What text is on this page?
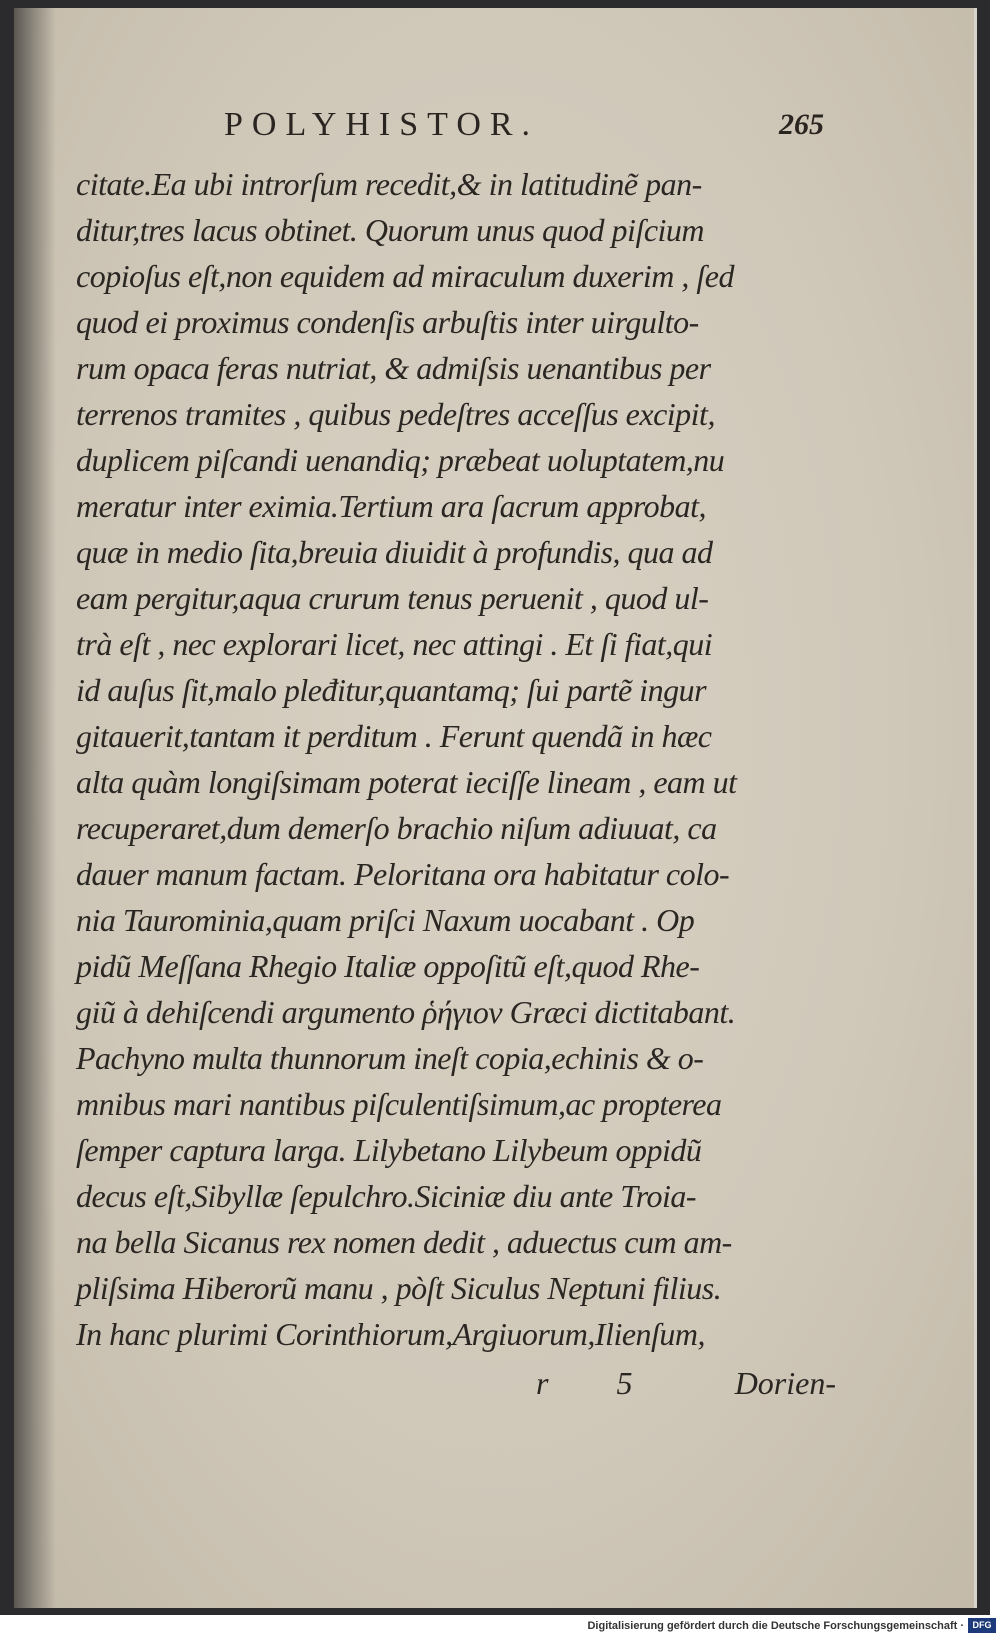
POLYHISTOR.	265
citate.Ea ubi introrſum recedit,& in latitudinẽ pan-
ditur,tres lacus obtinet. Quorum unus quod piſcium
copioſus eſt,non equidem ad miraculum duxerim , ſed
quod ei proximus condenſis arbuſtis inter uirgulto-
rum opaca feras nutriat, & admiſsis uenantibus per
terrenos tramites , quibus pedeſtres acceſſus excipit,
duplicem piſcandi uenandiq; præbeat uoluptatem,nu
meratur inter eximia.Tertium ara ſacrum approbat,
quæ in medio ſita,breuia diuidit à profundis, qua ad
eam pergitur,aqua crurum tenus peruenit , quod ul-
trà eſt , nec explorari licet, nec attingi . Et ſi fiat,qui
id auſus ſit,malo pleđitur,quantamq; ſui partẽ ingur
gitauerit,tantam it perditum . Ferunt quendã in hæc
alta quàm longiſsimam poterat ieciſſe lineam , eam ut
recuperaret,dum demerſo brachio niſum adiuuat, ca
dauer manum factam. Peloritana ora habitatur colo-
nia Taurominia,quam priſci Naxum uocabant . Op
pidũ Meſſana Rhegio Italiæ oppoſitũ eſt,quod Rhe-
giũ à dehiſcendi argumento ῥήγιον Græci dictitabant.
Pachyno multa thunnorum ineſt copia,echinis & o-
mnibus mari nantibus piſculentiſsimum,ac propterea
ſemper captura larga. Lilybetano Lilybeum oppidũ
decus eſt,Sibyllæ ſepulchro.Siciniæ diu ante Troia-
na bella Sicanus rex nomen dedit , aduectus cum am-
pliſsima Hiberorũ manu , pòſt Siculus Neptuni filius.
In hanc plurimi Corinthiorum,Argiuorum,Ilienſum,
r 5 Dorien-
Digitalisierung gefördert durch die Deutsche Forschungsgemeinschaft · DFG
